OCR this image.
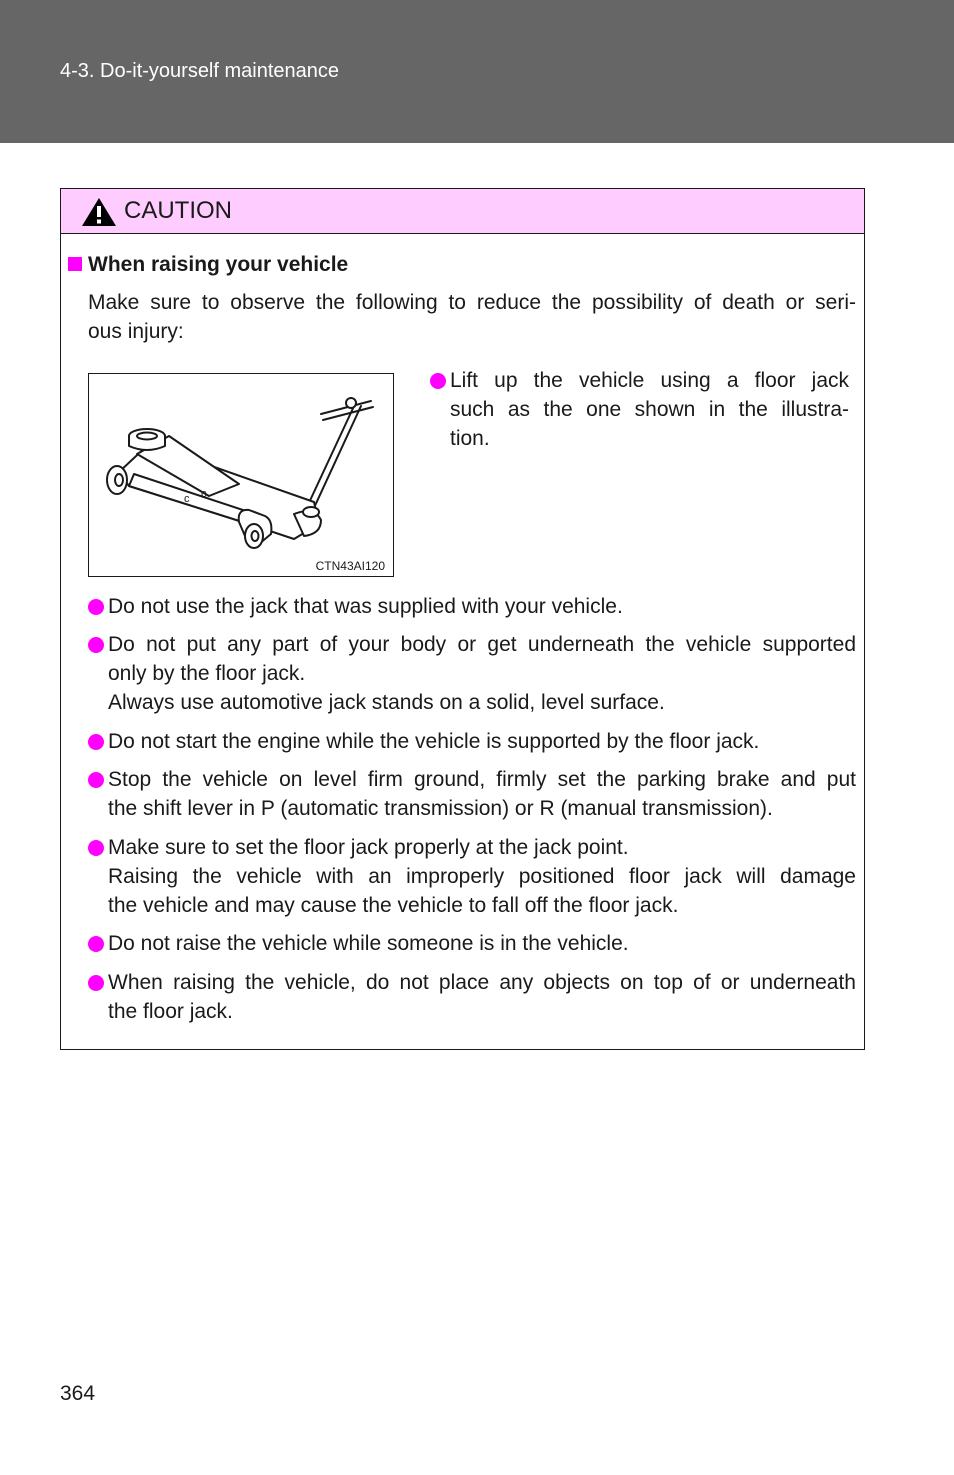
4-3. Do-it-yourself maintenance
CAUTION
When raising your vehicle
Make sure to observe the following to reduce the possibility of death or seri-
ous injury:
c c
CTN43AI120
Lift up the vehicle using a floor jack
such as the one shown in the illustra-
tion.
Do not use the jack that was supplied with your vehicle.
Do not put any part of your body or get underneath the vehicle supported
only by the floor jack.
Always use automotive jack stands on a solid, level surface.
Do not start the engine while the vehicle is supported by the floor jack.
Stop the vehicle on level firm ground, firmly set the parking brake and put
the shift lever in P (automatic transmission) or R (manual transmission).
Make sure to set the floor jack properly at the jack point.
Raising the vehicle with an improperly positioned floor jack will damage
the vehicle and may cause the vehicle to fall off the floor jack.
Do not raise the vehicle while someone is in the vehicle.
When raising the vehicle, do not place any objects on top of or underneath
the floor jack.
364
